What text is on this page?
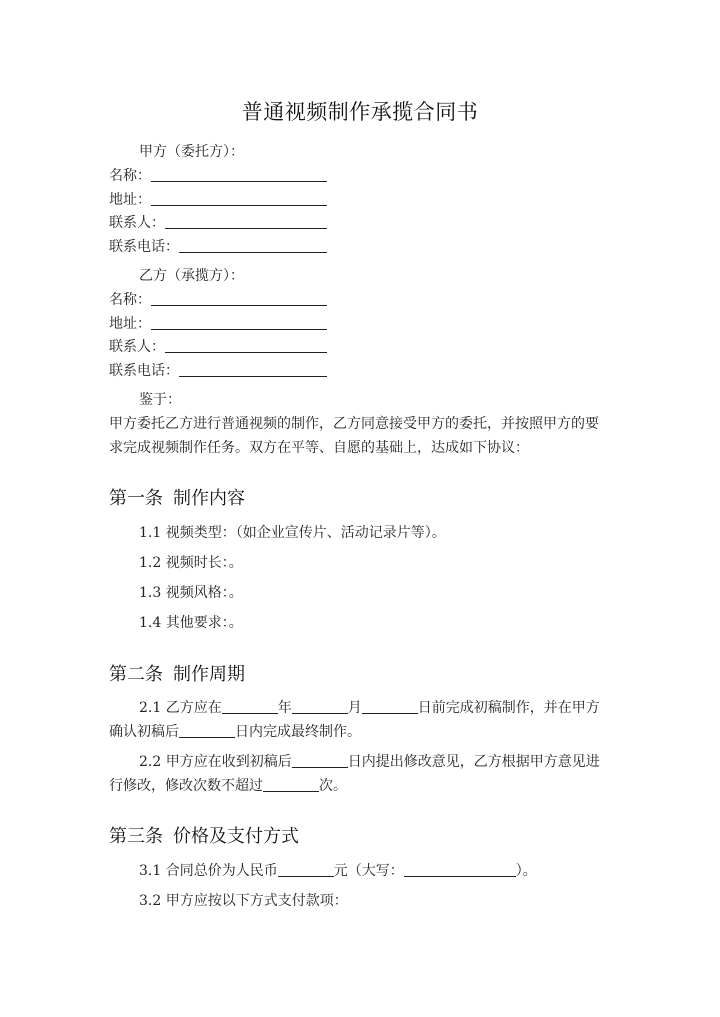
普通视频制作承揽合同书
甲方（委托方）：
名称：
地址：
联系人：
联系电话：
乙方（承揽方）：
名称：
地址：
联系人：
联系电话：
鉴于：
甲方委托乙方进行普通视频的制作，乙方同意接受甲方的委托，并按照甲方的要
求完成视频制作任务。双方在平等、自愿的基础上，达成如下协议：
第一条 制作内容
1.1 视频类型：（如企业宣传片、活动记录片等）。
1.2 视频时长：。
1.3 视频风格：。
1.4 其他要求：。
第二条 制作周期
2.1 乙方应在	年	月	日前完成初稿制作，并在甲方
确认初稿后	日内完成最终制作。
2.2 甲方应在收到初稿后	日内提出修改意见，乙方根据甲方意见进
行修改，修改次数不超过	次。
第三条 价格及支付方式
3.1 合同总价为人民币	元（大写：	）。
3.2 甲方应按以下方式支付款项：
